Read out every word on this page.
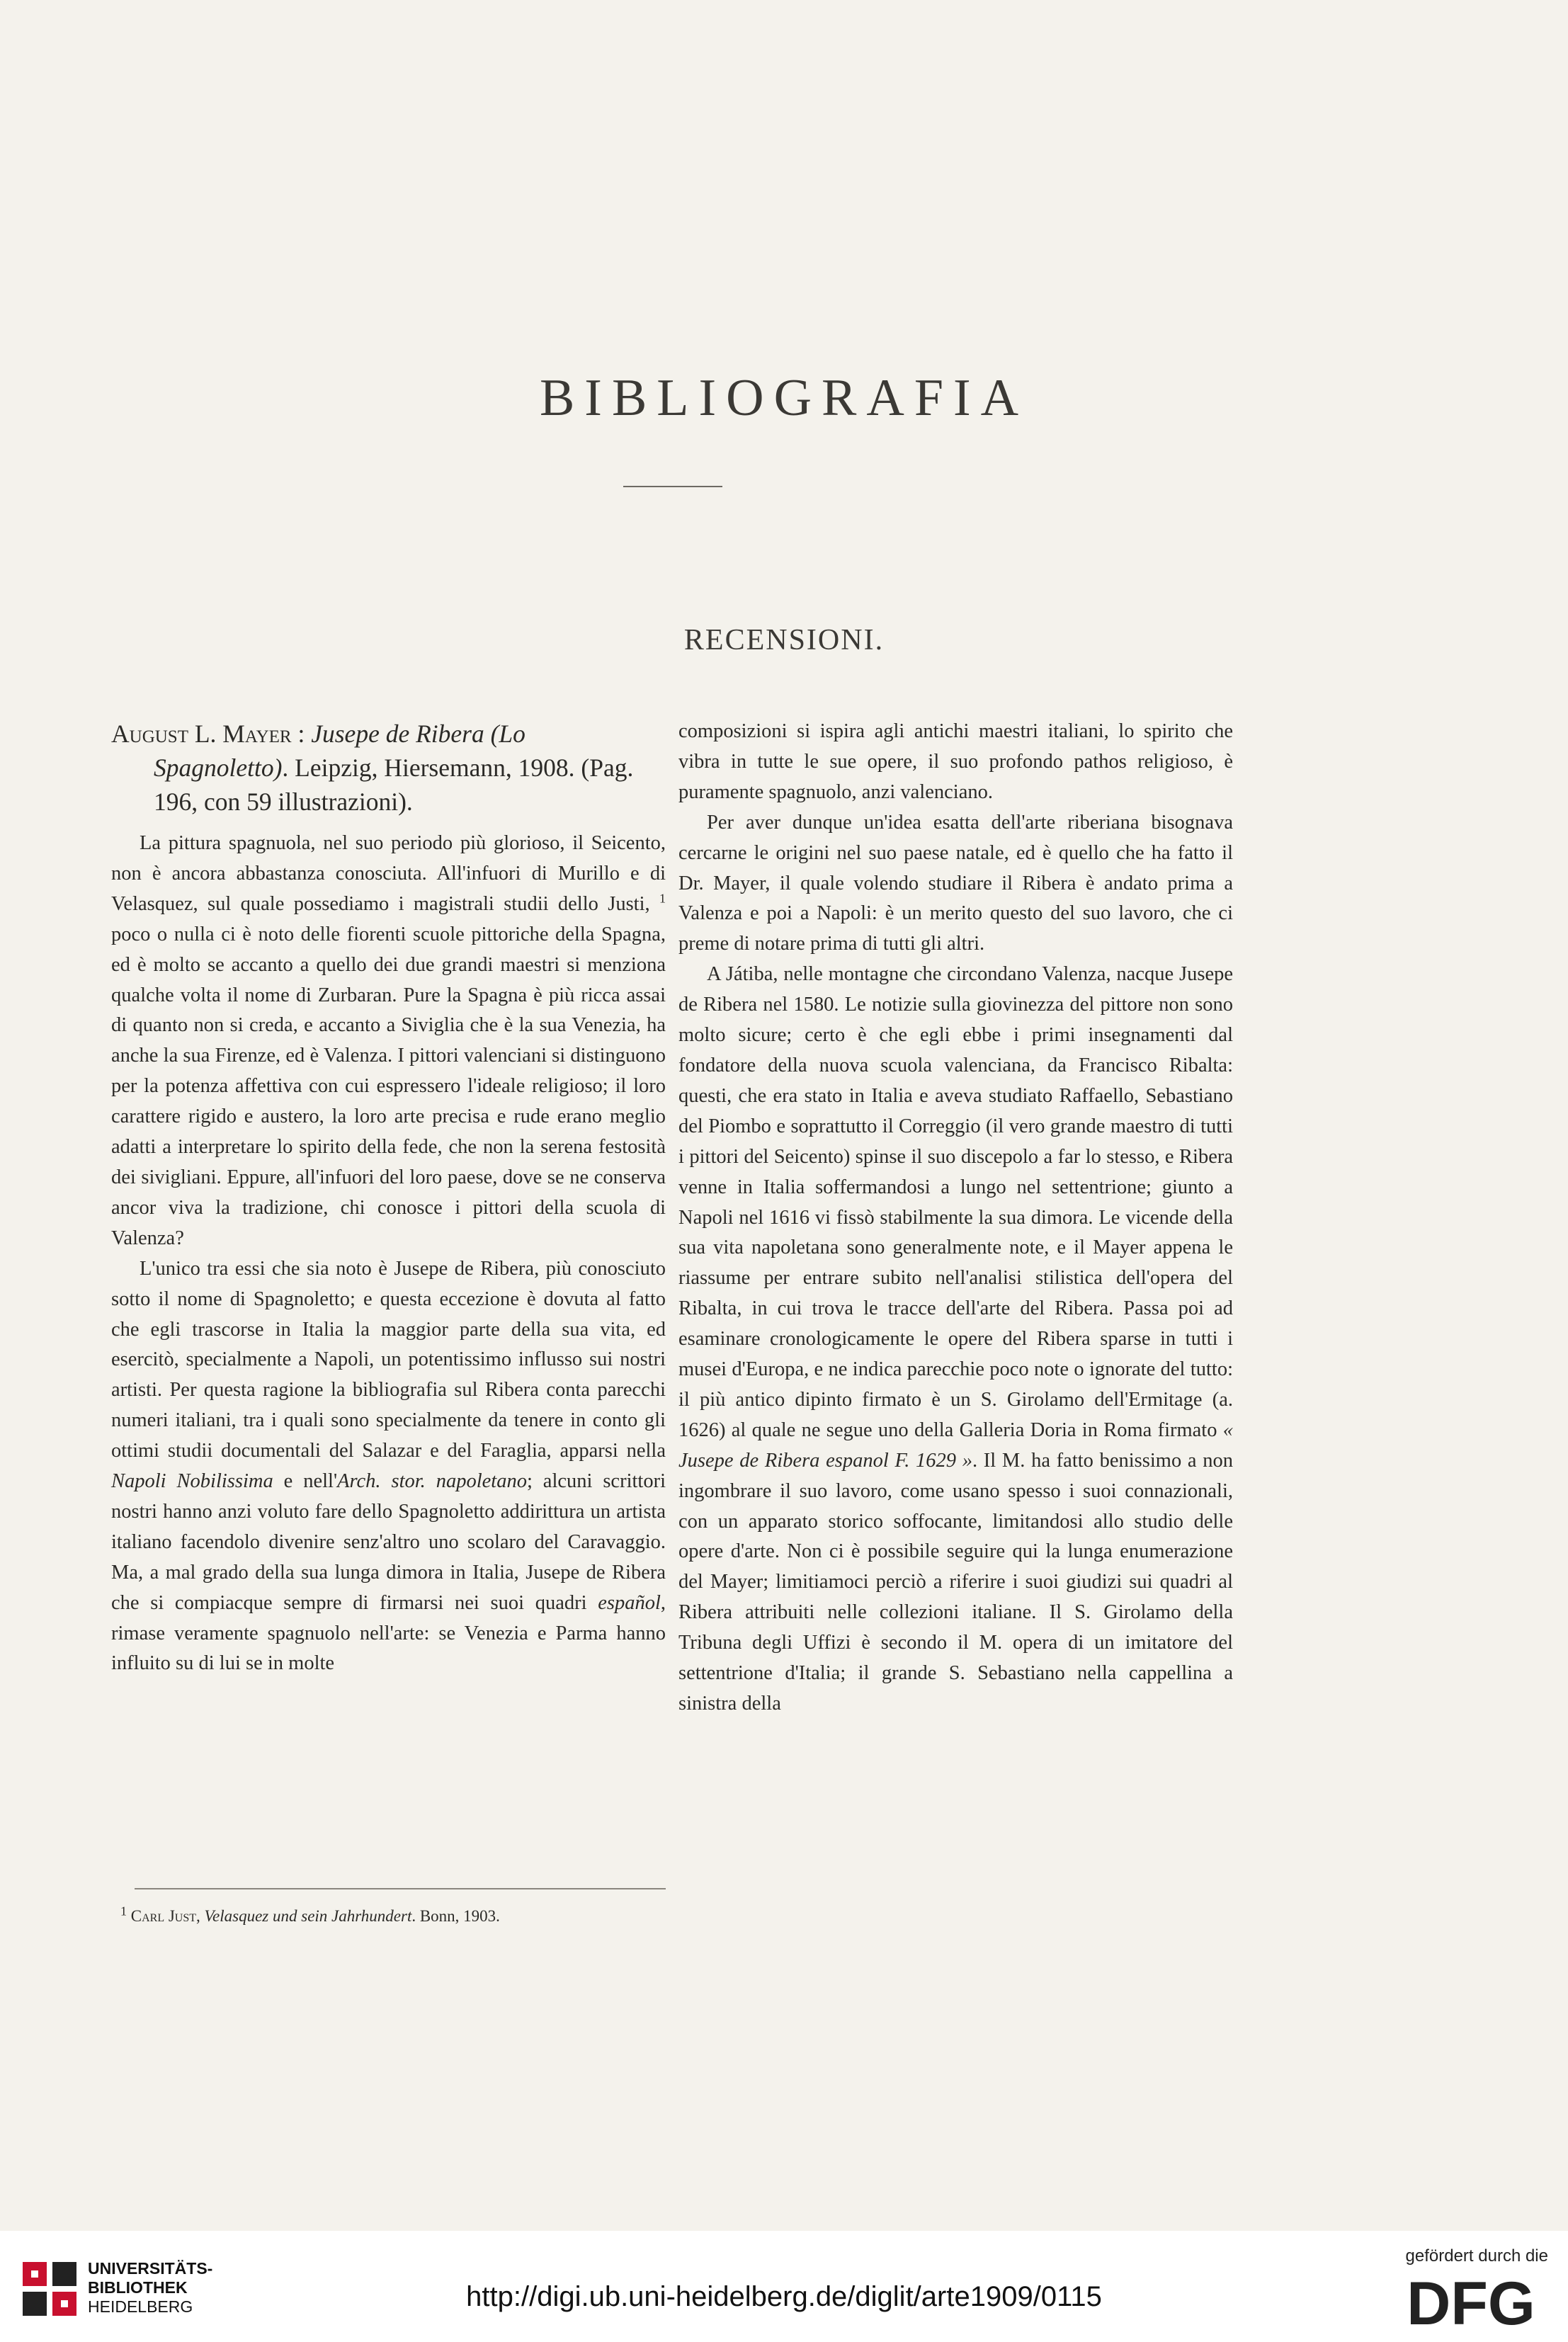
BIBLIOGRAFIA
RECENSIONI.

August L. Mayer : Jusepe de Ribera (Lo Spagnoletto). Leipzig, Hiersemann, 1908. (Pag. 196, con 59 illustrazioni).

La pittura spagnuola, nel suo periodo più glorioso, il Seicento, non è ancora abbastanza conosciuta. All'infuori di Murillo e di Velasquez, sul quale possediamo i magistrali studii dello Justi, $^1$ poco o nulla ci è noto delle fiorenti scuole pittoriche della Spagna, ed è molto se accanto a quello dei due grandi maestri si menziona qualche volta il nome di Zurbaran. Pure la Spagna è più ricca assai di quanto non si creda, e accanto a Siviglia che è la sua Venezia, ha anche la sua Firenze, ed è Valenza. I pittori valenciani si distinguono per la potenza affettiva con cui espressero l'ideale religioso; il loro carattere rigido e austero, la loro arte precisa e rude erano meglio adatti a interpretare lo spirito della fede, che non la serena festosità dei sivigliani. Eppure, all'infuori del loro paese, dove se ne conserva ancor viva la tradizione, chi conosce i pittori della scuola di Valenza?

L'unico tra essi che sia noto è Jusepe de Ribera, più conosciuto sotto il nome di Spagnoletto; e questa eccezione è dovuta al fatto che egli trascorse in Italia la maggior parte della sua vita, ed esercitò, specialmente a Napoli, un potentissimo influsso sui nostri artisti. Per questa ragione la bibliografia sul Ribera conta parecchi numeri italiani, tra i quali sono specialmente da tenere in conto gli ottimi studii documentali del Salazar e del Faraglia, apparsi nella Napoli Nobilissima e nell'Arch. stor. napoletano; alcuni scrittori nostri hanno anzi voluto fare dello Spagnoletto addirittura un artista italiano facendolo divenire senz'altro uno scolaro del Caravaggio. Ma, a mal grado della sua lunga dimora in Italia, Jusepe de Ribera che si compiacque sempre di firmarsi nei suoi quadri español, rimase veramente spagnuolo nell'arte: se Venezia e Parma hanno influito su di lui se in molte

composizioni si ispira agli antichi maestri italiani, lo spirito che vibra in tutte le sue opere, il suo profondo pathos religioso, è puramente spagnuolo, anzi valenciano.

Per aver dunque un'idea esatta dell'arte riberiana bisognava cercarne le origini nel suo paese natale, ed è quello che ha fatto il Dr. Mayer, il quale volendo studiare il Ribera è andato prima a Valenza e poi a Napoli: è un merito questo del suo lavoro, che ci preme di notare prima di tutti gli altri.

A Játiba, nelle montagne che circondano Valenza, nacque Jusepe de Ribera nel 1580. Le notizie sulla giovinezza del pittore non sono molto sicure; certo è che egli ebbe i primi insegnamenti dal fondatore della nuova scuola valenciana, da Francisco Ribalta: questi, che era stato in Italia e aveva studiato Raffaello, Sebastiano del Piombo e soprattutto il Correggio (il vero grande maestro di tutti i pittori del Seicento) spinse il suo discepolo a far lo stesso, e Ribera venne in Italia soffermandosi a lungo nel settentrione; giunto a Napoli nel 1616 vi fissò stabilmente la sua dimora. Le vicende della sua vita napoletana sono generalmente note, e il Mayer appena le riassume per entrare subito nell'analisi stilistica dell'opera del Ribalta, in cui trova le tracce dell'arte del Ribera. Passa poi ad esaminare cronologicamente le opere del Ribera sparse in tutti i musei d'Europa, e ne indica parecchie poco note o ignorate del tutto: il più antico dipinto firmato è un S. Girolamo dell'Ermitage (a. 1626) al quale ne segue uno della Galleria Doria in Roma firmato « Jusepe de Ribera espanol F. 1629 ». Il M. ha fatto benissimo a non ingombrare il suo lavoro, come usano spesso i suoi connazionali, con un apparato storico soffocante, limitandosi allo studio delle opere d'arte. Non ci è possibile seguire qui la lunga enumerazione del Mayer; limitiamoci perciò a riferire i suoi giudizi sui quadri al Ribera attribuiti nelle collezioni italiane. Il S. Girolamo della Tribuna degli Uffizi è secondo il M. opera di un imitatore del settentrione d'Italia; il grande S. Sebastiano nella cappellina a sinistra della

$^1$ Carl Just, Velasquez und sein Jahrhundert. Bonn, 1903.

UNIVERSITÄTS-
BIBLIOTHEK
HEIDELBERG	http://digi.ub.uni-heidelberg.de/diglit/arte1909/0115
gefördert durch die
DFG
